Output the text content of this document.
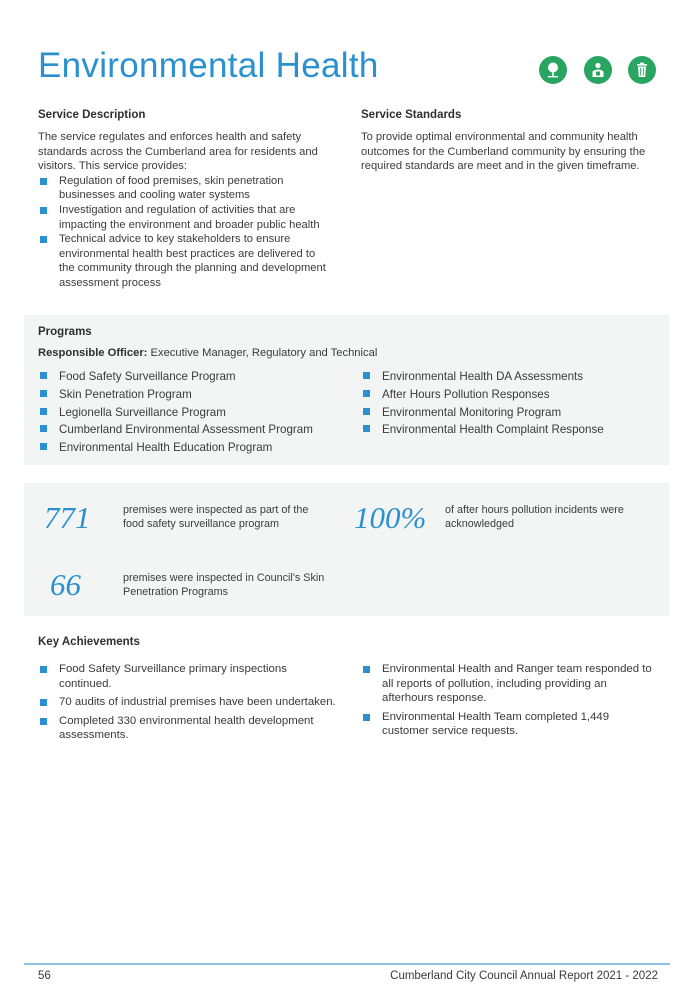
Environmental Health
Service Description
The service regulates and enforces health and safety standards across the Cumberland area for residents and visitors. This service provides:
Regulation of food premises, skin penetration businesses and cooling water systems
Investigation and regulation of activities that are impacting the environment and broader public health
Technical advice to key stakeholders to ensure environmental health best practices are delivered to the community through the planning and development assessment process
Service Standards
To provide optimal environmental and community health outcomes for the Cumberland community by ensuring the required standards are meet and in the given timeframe.
Programs
Responsible Officer: Executive Manager, Regulatory and Technical
Food Safety Surveillance Program
Skin Penetration Program
Legionella Surveillance Program
Cumberland Environmental Assessment Program
Environmental Health Education Program
Environmental Health DA Assessments
After Hours Pollution Responses
Environmental Monitoring Program
Environmental Health Complaint Response
771	premises were inspected as part of the food safety surveillance program	100% of after hours pollution incidents were acknowledged
66	premises were inspected in Council's Skin Penetration Programs
Key Achievements
Food Safety Surveillance primary inspections continued.
70 audits of industrial premises have been undertaken.
Completed 330 environmental health development assessments.
Environmental Health and Ranger team responded to all reports of pollution, including providing an afterhours response.
Environmental Health Team completed 1,449 customer service requests.
56	Cumberland City Council Annual Report 2021 - 2022
